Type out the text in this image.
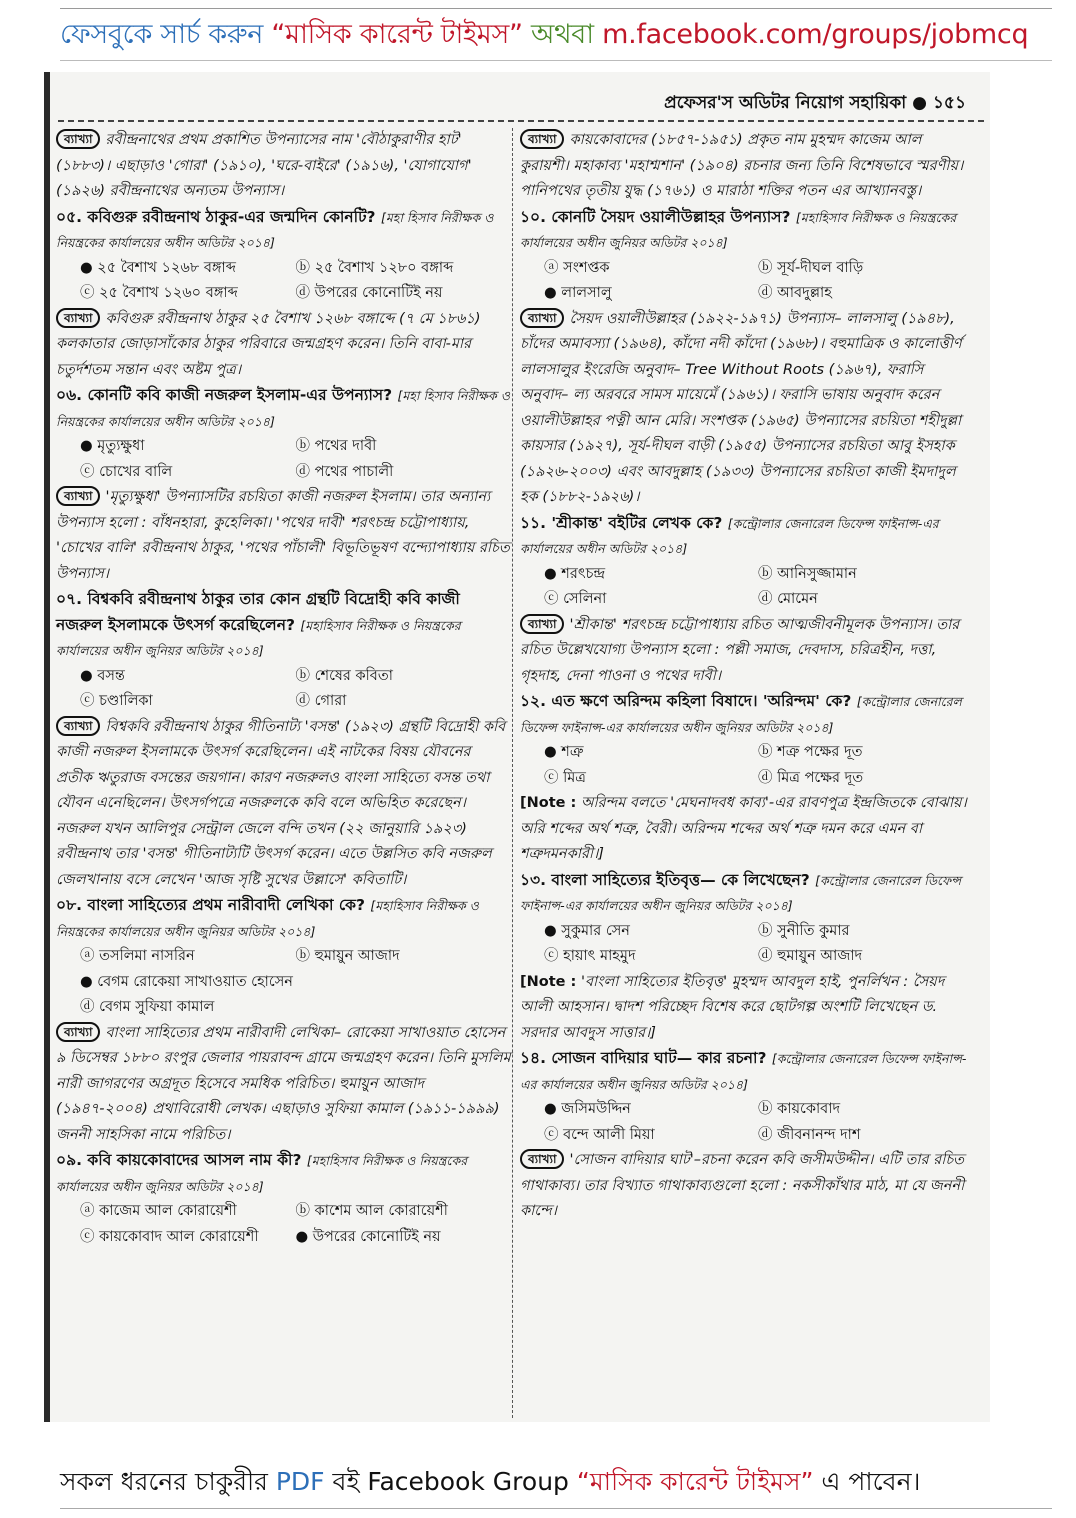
ফেসবুকে সার্চ করুন “মাসিক কারেন্ট টাইমস” অথবা m.facebook.com/groups/jobmcq
প্রফেসর'স অডিটর নিয়োগ সহায়িকা ● ১৫১

ব্যাখ্যা রবীন্দ্রনাথের প্রথম প্রকাশিত উপন্যাসের নাম 'বৌঠাকুরাণীর হাট' (১৮৮৩)। এছাড়াও 'গোরা' (১৯১০), 'ঘরে-বাইরে' (১৯১৬), 'যোগাযোগ' (১৯২৬) রবীন্দ্রনাথের অন্যতম উপন্যাস।

০৫. কবিগুরু রবীন্দ্রনাথ ঠাকুর-এর জন্মদিন কোনটি? [মহা হিসাব নিরীক্ষক ও নিয়ন্ত্রকের কার্যালয়ের অধীন অডিটর ২০১৪]

● ২৫ বৈশাখ ১২৬৮ বঙ্গাব্দ	ⓑ ২৫ বৈশাখ ১২৮০ বঙ্গাব্দ
ⓒ ২৫ বৈশাখ ১২৬০ বঙ্গাব্দ	ⓓ উপরের কোনোটিই নয়

ব্যাখ্যা কবিগুরু রবীন্দ্রনাথ ঠাকুর ২৫ বৈশাখ ১২৬৮ বঙ্গাব্দে (৭ মে ১৮৬১) কলকাতার জোড়াসাঁকোর ঠাকুর পরিবারে জন্মগ্রহণ করেন। তিনি বাবা-মার চতুর্দশতম সন্তান এবং অষ্টম পুত্র।

০৬. কোনটি কবি কাজী নজরুল ইসলাম-এর উপন্যাস? [মহা হিসাব নিরীক্ষক ও নিয়ন্ত্রকের কার্যালয়ের অধীন অডিটর ২০১৪]

● মৃত্যুক্ষুধা	ⓑ পথের দাবী
ⓒ চোখের বালি	ⓓ পথের পাচালী

ব্যাখ্যা 'মৃত্যুক্ষুধা' উপন্যাসটির রচয়িতা কাজী নজরুল ইসলাম। তার অন্যান্য উপন্যাস হলো : বাঁধনহারা, কুহেলিকা। 'পথের দাবী' শরৎচন্দ্র চট্টোপাধ্যায়, 'চোখের বালি' রবীন্দ্রনাথ ঠাকুর, 'পথের পাঁচালী' বিভূতিভূষণ বন্দ্যোপাধ্যায় রচিত উপন্যাস।

০৭. বিশ্বকবি রবীন্দ্রনাথ ঠাকুর তার কোন গ্রন্থটি বিদ্রোহী কবি কাজী নজরুল ইসলামকে উৎসর্গ করেছিলেন? [মহাহিসাব নিরীক্ষক ও নিয়ন্ত্রকের কার্যালয়ের অধীন জুনিয়র অডিটর ২০১৪]

● বসন্ত	ⓑ শেষের কবিতা
ⓒ চণ্ডালিকা	ⓓ গোরা

ব্যাখ্যা বিশ্বকবি রবীন্দ্রনাথ ঠাকুর গীতিনাট্য 'বসন্ত' (১৯২৩) গ্রন্থটি বিদ্রোহী কবি কাজী নজরুল ইসলামকে উৎসর্গ করেছিলেন। এই নাটকের বিষয় যৌবনের প্রতীক ঋতুরাজ বসন্তের জয়গান। কারণ নজরুলও বাংলা সাহিত্যে বসন্ত তথা যৌবন এনেছিলেন। উৎসর্গপত্রে নজরুলকে কবি বলে অভিহিত করেছেন। নজরুল যখন আলিপুর সেন্ট্রাল জেলে বন্দি তখন (২২ জানুয়ারি ১৯২৩) রবীন্দ্রনাথ তার 'বসন্ত' গীতিনাট্যটি উৎসর্গ করেন। এতে উল্লসিত কবি নজরুল জেলখানায় বসে লেখেন 'আজ সৃষ্টি সুখের উল্লাসে' কবিতাটি।

০৮. বাংলা সাহিত্যের প্রথম নারীবাদী লেখিকা কে? [মহাহিসাব নিরীক্ষক ও নিয়ন্ত্রকের কার্যালয়ের অধীন জুনিয়র অডিটর ২০১৪]

ⓐ তসলিমা নাসরিন	ⓑ হুমায়ুন আজাদ
● বেগম রোকেয়া সাখাওয়াত হোসেন
ⓓ বেগম সুফিয়া কামাল

ব্যাখ্যা বাংলা সাহিত্যের প্রথম নারীবাদী লেখিকা– রোকেয়া সাখাওয়াত হোসেন ৯ ডিসেম্বর ১৮৮০ রংপুর জেলার পায়রাবন্দ গ্রামে জন্মগ্রহণ করেন। তিনি মুসলিম নারী জাগরণের অগ্রদূত হিসেবে সমধিক পরিচিত। হুমায়ুন আজাদ (১৯৪৭-২০০৪) প্রথাবিরোধী লেখক। এছাড়াও সুফিয়া কামাল (১৯১১-১৯৯৯) জননী সাহসিকা নামে পরিচিত।

০৯. কবি কায়কোবাদের আসল নাম কী? [মহাহিসাব নিরীক্ষক ও নিয়ন্ত্রকের কার্যালয়ের অধীন জুনিয়র অডিটর ২০১৪]

ⓐ কাজেম আল কোরায়েশী	ⓑ কাশেম আল কোরায়েশী
ⓒ কায়কোবাদ আল কোরায়েশী	● উপরের কোনোটিই নয়

ব্যাখ্যা কায়কোবাদের (১৮৫৭-১৯৫১) প্রকৃত নাম মুহম্মদ কাজেম আল কুরায়শী। মহাকাব্য 'মহাশ্মশান' (১৯০৪) রচনার জন্য তিনি বিশেষভাবে স্মরণীয়। পানিপথের তৃতীয় যুদ্ধ (১৭৬১) ও মারাঠা শক্তির পতন এর আখ্যানবস্তু।

১০. কোনটি সৈয়দ ওয়ালীউল্লাহর উপন্যাস? [মহাহিসাব নিরীক্ষক ও নিয়ন্ত্রকের কার্যালয়ের অধীন জুনিয়র অডিটর ২০১৪]

ⓐ সংশপ্তক	ⓑ সূর্য-দীঘল বাড়ি
● লালসালু	ⓓ আবদুল্লাহ

ব্যাখ্যা সৈয়দ ওয়ালীউল্লাহর (১৯২২-১৯৭১) উপন্যাস– লালসালু (১৯৪৮), চাঁদের অমাবস্যা (১৯৬৪), কাঁদো নদী কাঁদো (১৯৬৮)। বহুমাত্রিক ও কালোত্তীর্ণ লালসালুর ইংরেজি অনুবাদ– Tree Without Roots (১৯৬৭), ফরাসি অনুবাদ– ল্য অরবরে সামস মায়েমেঁ (১৯৬১)। ফরাসি ভাষায় অনুবাদ করেন ওয়ালীউল্লাহর পত্নী আন মেরি। সংশপ্তক (১৯৬৫) উপন্যাসের রচয়িতা শহীদুল্লা কায়সার (১৯২৭), সূর্য-দীঘল বাড়ী (১৯৫৫) উপন্যাসের রচয়িতা আবু ইসহাক (১৯২৬-২০০৩) এবং আবদুল্লাহ (১৯৩৩) উপন্যাসের রচয়িতা কাজী ইমদাদুল হক (১৮৮২-১৯২৬)।

১১. 'শ্রীকান্ত' বইটির লেখক কে? [কন্ট্রোলার জেনারেল ডিফেন্স ফাইনান্স-এর কার্যালয়ের অধীন অডিটর ২০১৪]

● শরৎচন্দ্র	ⓑ আনিসুজ্জামান
ⓒ সেলিনা	ⓓ মোমেন

ব্যাখ্যা 'শ্রীকান্ত' শরৎচন্দ্র চট্টোপাধ্যায় রচিত আত্মজীবনীমূলক উপন্যাস। তার রচিত উল্লেখযোগ্য উপন্যাস হলো : পল্লী সমাজ, দেবদাস, চরিত্রহীন, দত্তা, গৃহদাহ, দেনা পাওনা ও পথের দাবী।

১২. এত ক্ষণে অরিন্দম কহিলা বিষাদে। 'অরিন্দম' কে? [কন্ট্রোলার জেনারেল ডিফেন্স ফাইনান্স-এর কার্যালয়ের অধীন জুনিয়র অডিটর ২০১৪]

● শত্রু	ⓑ শত্রু পক্ষের দূত
ⓒ মিত্র	ⓓ মিত্র পক্ষের দূত

[Note : অরিন্দম বলতে 'মেঘনাদবধ কাব্য'-এর রাবণপুত্র ইন্দ্রজিতকে বোঝায়। অরি শব্দের অর্থ শত্রু, বৈরী। অরিন্দম শব্দের অর্থ শত্রু দমন করে এমন বা শত্রুদমনকারী।]

১৩. বাংলা সাহিত্যের ইতিবৃত্ত— কে লিখেছেন? [কন্ট্রোলার জেনারেল ডিফেন্স ফাইনান্স-এর কার্যালয়ের অধীন জুনিয়র অডিটর ২০১৪]

● সুকুমার সেন	ⓑ সুনীতি কুমার
ⓒ হায়াৎ মাহমুদ	ⓓ হুমায়ুন আজাদ

[Note : 'বাংলা সাহিত্যের ইতিবৃত্ত' মুহম্মদ আবদুল হাই, পুনর্লিখন : সৈয়দ আলী আহসান। দ্বাদশ পরিচ্ছেদ বিশেষ করে ছোটগল্প অংশটি লিখেছেন ড. সরদার আবদুস সাত্তার।]

১৪. সোজন বাদিয়ার ঘাট— কার রচনা? [কন্ট্রোলার জেনারেল ডিফেন্স ফাইনান্স-এর কার্যালয়ের অধীন জুনিয়র অডিটর ২০১৪]

● জসিমউদ্দিন	ⓑ কায়কোবাদ
ⓒ বন্দে আলী মিয়া	ⓓ জীবনানন্দ দাশ

ব্যাখ্যা 'সোজন বাদিয়ার ঘাট'–রচনা করেন কবি জসীমউদ্দীন। এটি তার রচিত গাথাকাব্য। তার বিখ্যাত গাথাকাব্যগুলো হলো : নকসীকাঁথার মাঠ, মা যে জননী কান্দে।

সকল ধরনের চাকুরীর PDF বই Facebook Group “মাসিক কারেন্ট টাইমস” এ পাবেন।
